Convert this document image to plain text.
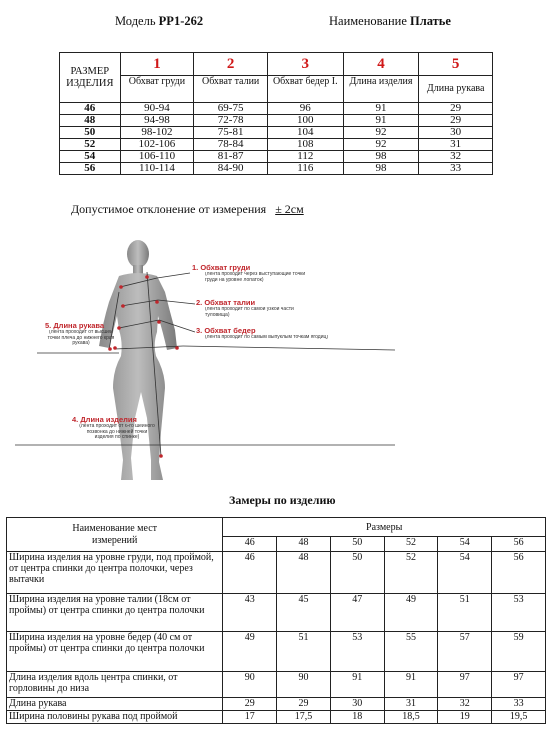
Модель PP1-262	Наименование Платье
РАЗМЕР ИЗДЕЛИЯ	1	2	3	4	5
	Обхват груди	Обхват талии	Обхват бедер I.	Длина изделия	Длина рукава
46	90-94	69-75	96	91	29
48	94-98	72-78	100	91	29
50	98-102	75-81	104	92	30
52	102-106	78-84	108	92	31
54	106-110	81-87	112	98	32
56	110-114	84-90	116	98	33
Допустимое отклонение от измерения ± 2см
1. Обхват груди
(лента проходит через выступающие точки груди на уровне лопаток)
2. Обхват талии
(лента проходит по самой узкой части туловища)
3. Обхват бедер
(лента проходит по самым выпуклым точкам ягодиц)
5. Длина рукава
(лента проходит от высшей точки плеча до нижнего края рукава)
4. Длина изделия
(лента проходит от 6-го шейного позвонка до нижней точки изделия по спинке)
Замеры по изделию
Наименование мест измерений	Размеры					
	46	48	50	52	54	56
Ширина изделия на уровне груди, под проймой, от центра спинки до центра полочки, через вытачки	46	48	50	52	54	56
Ширина изделия на уровне талии (18см от проймы) от центра спинки до центра полочки	43	45	47	49	51	53
Ширина изделия на уровне бедер (40 см от проймы) от центра спинки до центра полочки	49	51	53	55	57	59
Длина изделия вдоль центра спинки, от горловины до низа	90	90	91	91	97	97
Длина рукава	29	29	30	31	32	33
Ширина половины рукава под проймой	17	17,5	18	18,5	19	19,5
